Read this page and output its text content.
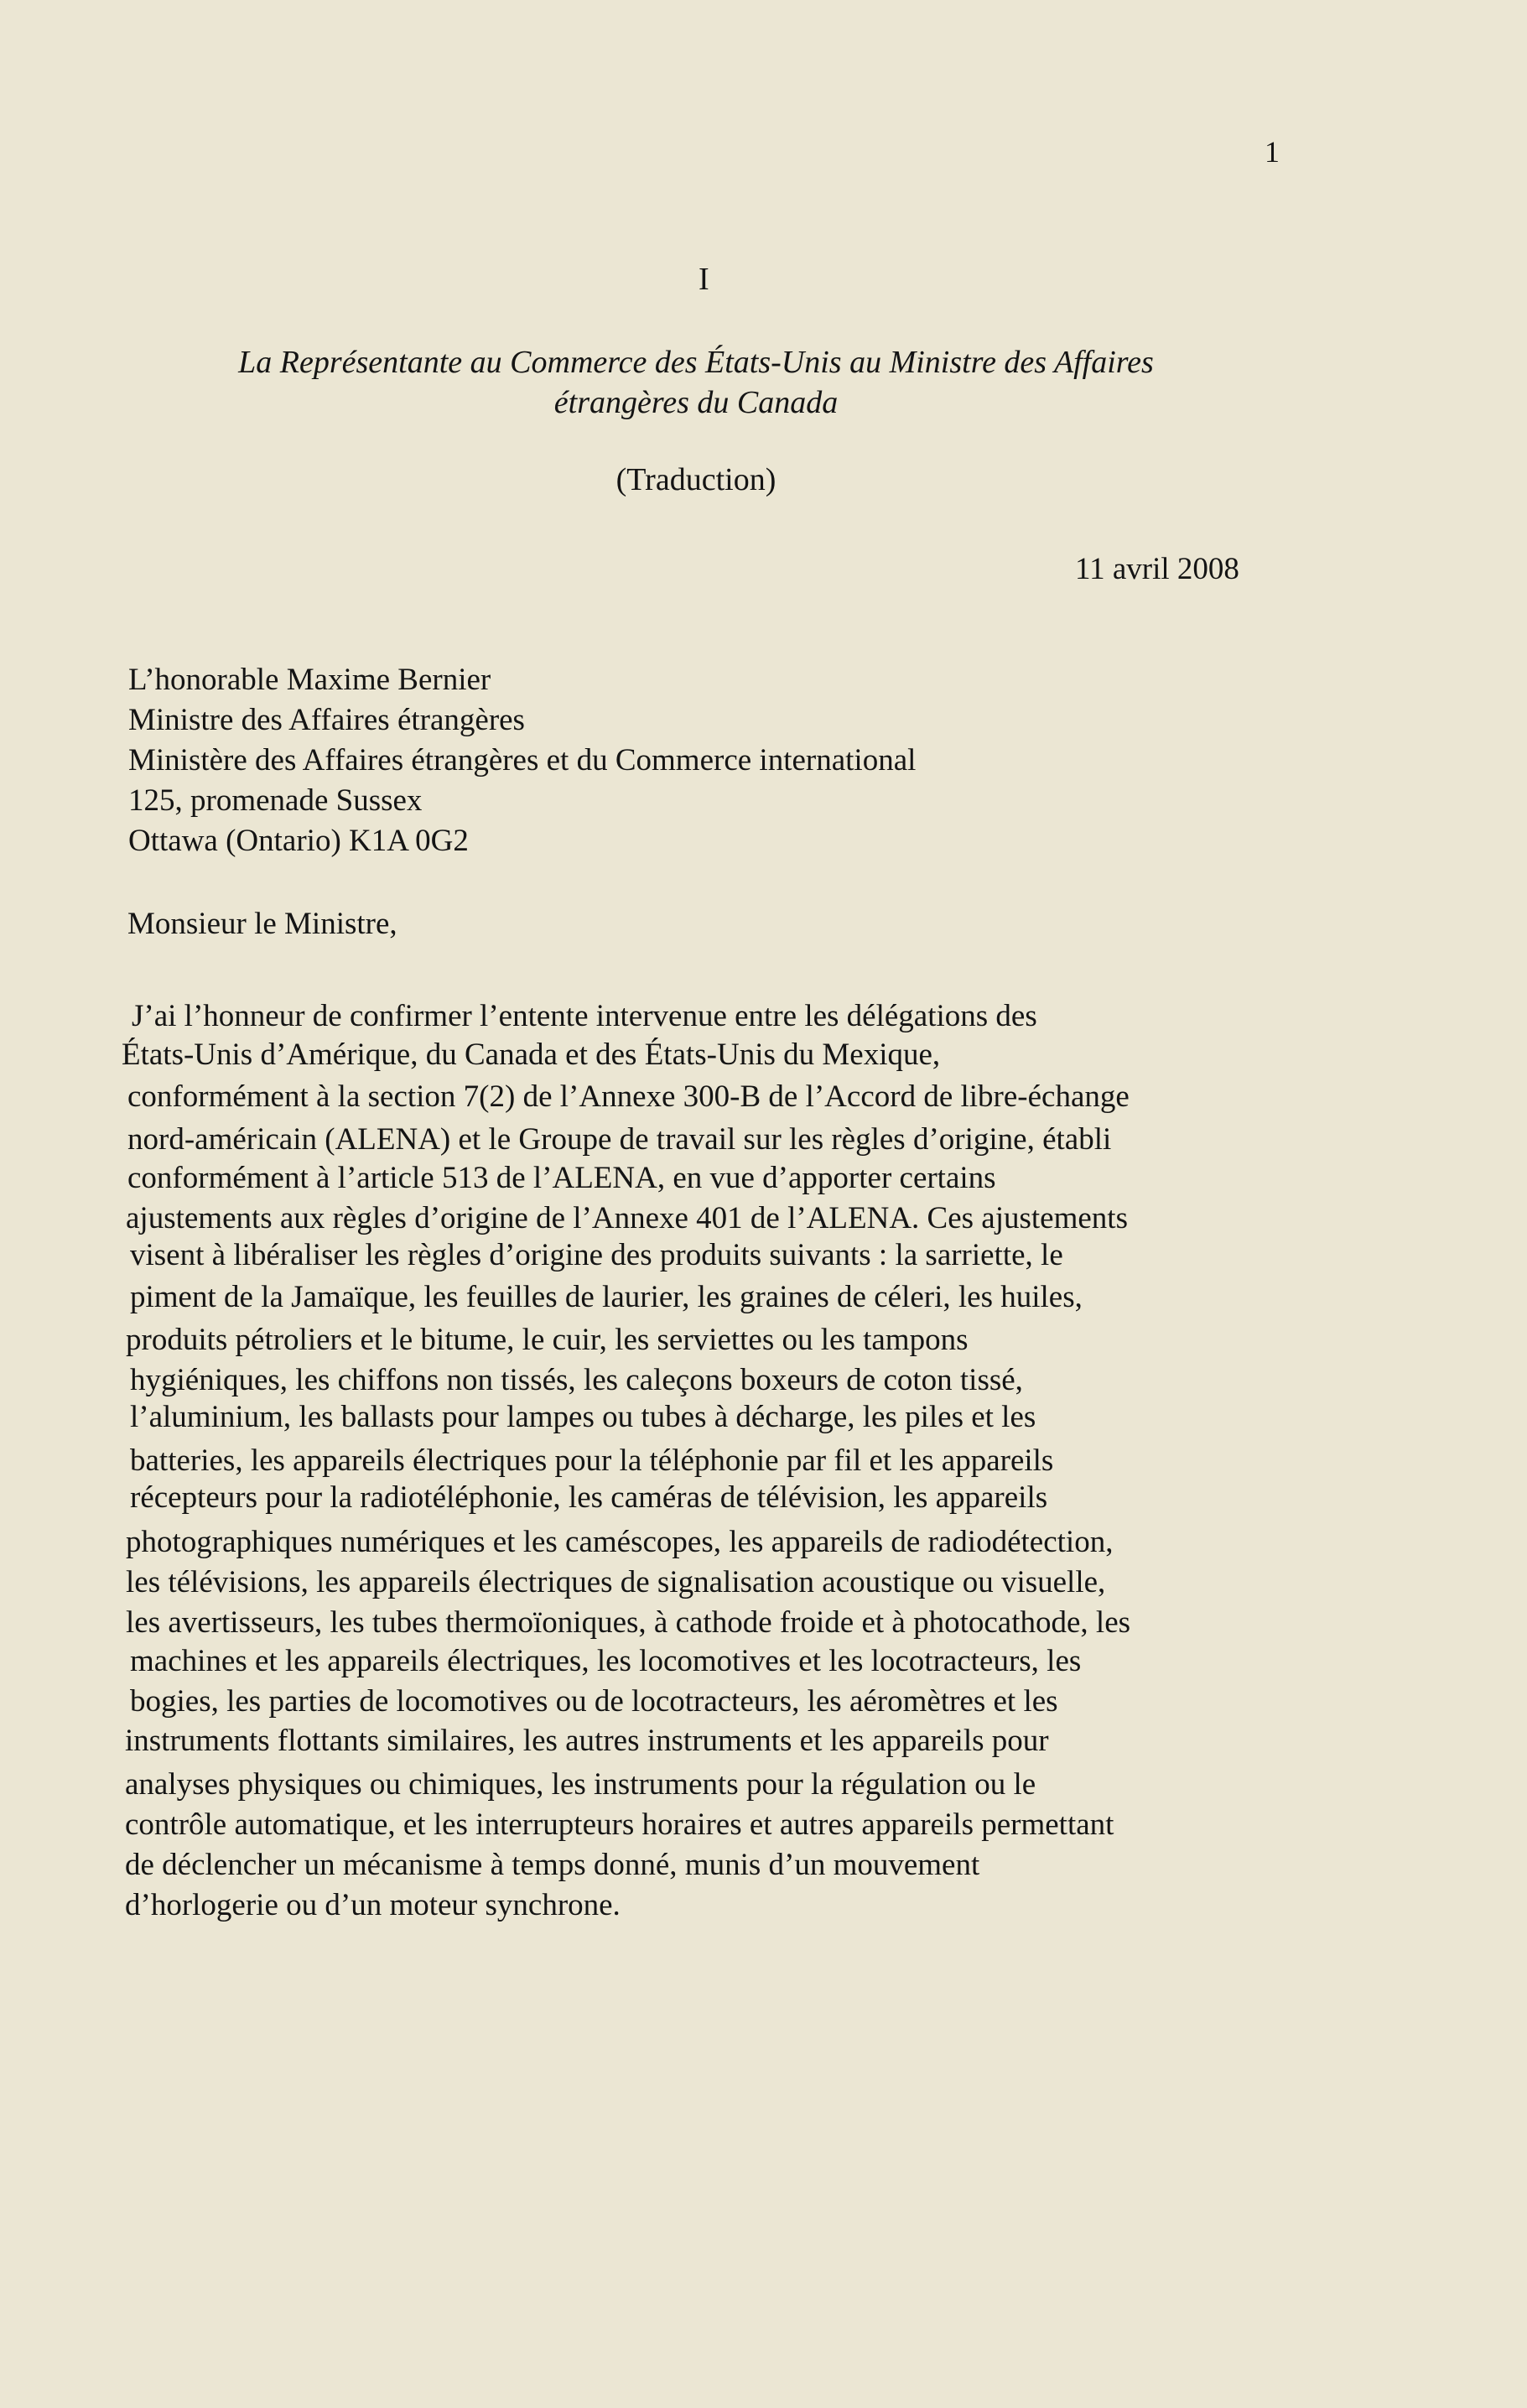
1
I
La Représentante au Commerce des États-Unis au Ministre des Affaires
étrangères du Canada
(Traduction)
11 avril 2008
L’honorable Maxime Bernier
Ministre des Affaires étrangères
Ministère des Affaires étrangères et du Commerce international
125, promenade Sussex
Ottawa (Ontario) K1A 0G2
Monsieur le Ministre,
J’ai l’honneur de confirmer l’entente intervenue entre les délégations des
États-Unis d’Amérique, du Canada et des États-Unis du Mexique,
conformément à la section 7(2) de l’Annexe 300-B de l’Accord de libre-échange
nord-américain (ALENA) et le Groupe de travail sur les règles d’origine, établi
conformément à l’article 513 de l’ALENA, en vue d’apporter certains
ajustements aux règles d’origine de l’Annexe 401 de l’ALENA. Ces ajustements
visent à libéraliser les règles d’origine des produits suivants : la sarriette, le
piment de la Jamaïque, les feuilles de laurier, les graines de céleri, les huiles,
produits pétroliers et le bitume, le cuir, les serviettes ou les tampons
hygiéniques, les chiffons non tissés, les caleçons boxeurs de coton tissé,
l’aluminium, les ballasts pour lampes ou tubes à décharge, les piles et les
batteries, les appareils électriques pour la téléphonie par fil et les appareils
récepteurs pour la radiotéléphonie, les caméras de télévision, les appareils
photographiques numériques et les caméscopes, les appareils de radiodétection,
les télévisions, les appareils électriques de signalisation acoustique ou visuelle,
les avertisseurs, les tubes thermoïoniques, à cathode froide et à photocathode, les
machines et les appareils électriques, les locomotives et les locotracteurs, les
bogies, les parties de locomotives ou de locotracteurs, les aéromètres et les
instruments flottants similaires, les autres instruments et les appareils pour
analyses physiques ou chimiques, les instruments pour la régulation ou le
contrôle automatique, et les interrupteurs horaires et autres appareils permettant
de déclencher un mécanisme à temps donné, munis d’un mouvement
d’horlogerie ou d’un moteur synchrone.
